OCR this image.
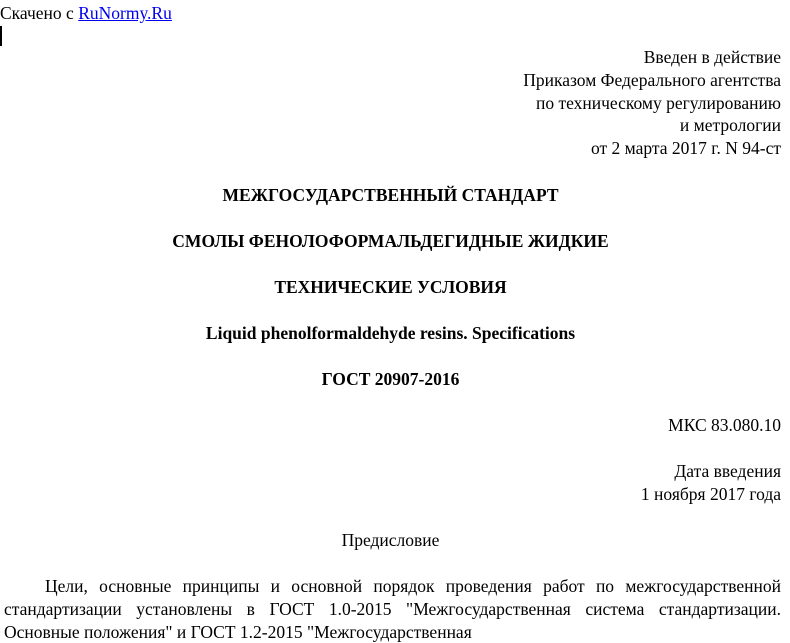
Скачено с RuNormy.Ru
Введен в действие
Приказом Федерального агентства
по техническому регулированию
и метрологии
от 2 марта 2017 г. N 94-ст
МЕЖГОСУДАРСТВЕННЫЙ СТАНДАРТ
СМОЛЫ ФЕНОЛОФОРМАЛЬДЕГИДНЫЕ ЖИДКИЕ
ТЕХНИЧЕСКИЕ УСЛОВИЯ
Liquid phenolformaldehyde resins. Specifications
ГОСТ 20907-2016
МКС 83.080.10
Дата введения
1 ноября 2017 года
Предисловие

Цели, основные принципы и основной порядок проведения работ по межгосударственной стандартизации установлены в ГОСТ 1.0-2015 "Межгосударственная система стандартизации. Основные положения" и ГОСТ 1.2-2015 "Межгосударственная
